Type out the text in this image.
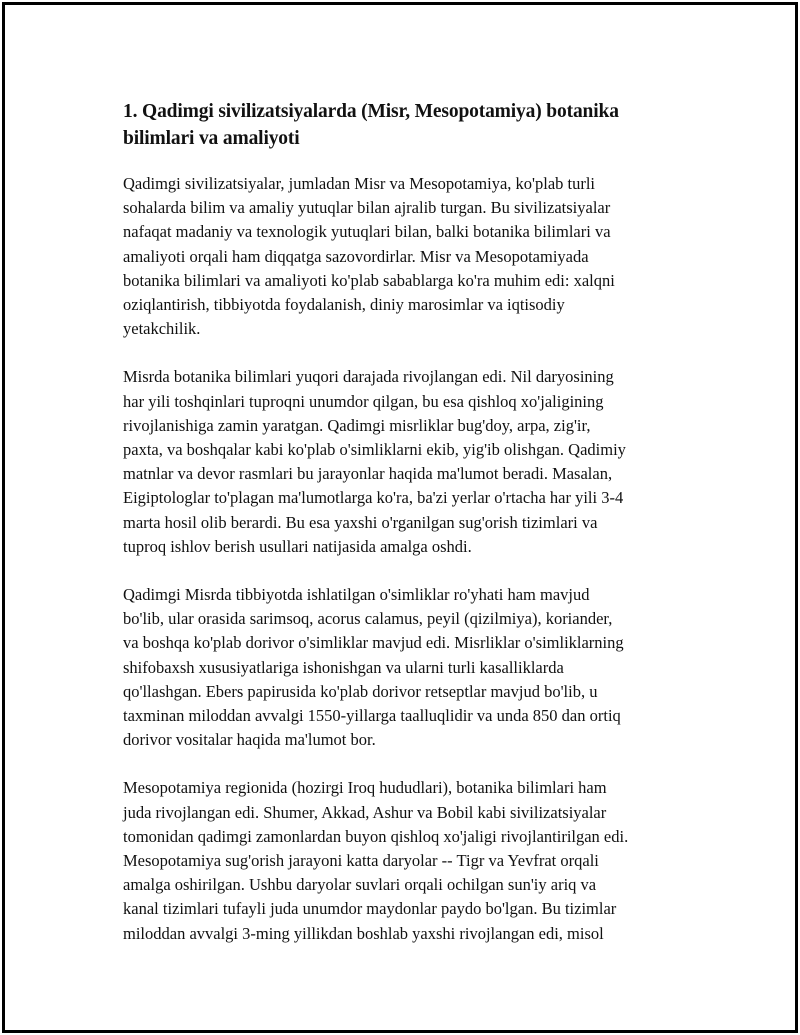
1. Qadimgi sivilizatsiyalarda (Misr, Mesopotamiya) botanika
bilimlari va amaliyoti

Qadimgi sivilizatsiyalar, jumladan Misr va Mesopotamiya, ko'plab turli
sohalarda bilim va amaliy yutuqlar bilan ajralib turgan. Bu sivilizatsiyalar
nafaqat madaniy va texnologik yutuqlari bilan, balki botanika bilimlari va
amaliyoti orqali ham diqqatga sazovordirlar. Misr va Mesopotamiyada
botanika bilimlari va amaliyoti ko'plab sabablarga ko'ra muhim edi: xalqni
oziqlantirish, tibbiyotda foydalanish, diniy marosimlar va iqtisodiy
yetakchilik.

Misrda botanika bilimlari yuqori darajada rivojlangan edi. Nil daryosining
har yili toshqinlari tuproqni unumdor qilgan, bu esa qishloq xo'jaligining
rivojlanishiga zamin yaratgan. Qadimgi misrliklar bug'doy, arpa, zig'ir,
paxta, va boshqalar kabi ko'plab o'simliklarni ekib, yig'ib olishgan. Qadimiy
matnlar va devor rasmlari bu jarayonlar haqida ma'lumot beradi. Masalan,
Eigiptologlar to'plagan ma'lumotlarga ko'ra, ba'zi yerlar o'rtacha har yili 3-4
marta hosil olib berardi. Bu esa yaxshi o'rganilgan sug'orish tizimlari va
tuproq ishlov berish usullari natijasida amalga oshdi.

Qadimgi Misrda tibbiyotda ishlatilgan o'simliklar ro'yhati ham mavjud
bo'lib, ular orasida sarimsoq, acorus calamus, peyil (qizilmiya), koriander,
va boshqa ko'plab dorivor o'simliklar mavjud edi. Misrliklar o'simliklarning
shifobaxsh xususiyatlariga ishonishgan va ularni turli kasalliklarda
qo'llashgan. Ebers papirusida ko'plab dorivor retseptlar mavjud bo'lib, u
taxminan miloddan avvalgi 1550-yillarga taalluqlidir va unda 850 dan ortiq
dorivor vositalar haqida ma'lumot bor.

Mesopotamiya regionida (hozirgi Iroq hududlari), botanika bilimlari ham
juda rivojlangan edi. Shumer, Akkad, Ashur va Bobil kabi sivilizatsiyalar
tomonidan qadimgi zamonlardan buyon qishloq xo'jaligi rivojlantirilgan edi.
Mesopotamiya sug'orish jarayoni katta daryolar -- Tigr va Yevfrat orqali
amalga oshirilgan. Ushbu daryolar suvlari orqali ochilgan sun'iy ariq va
kanal tizimlari tufayli juda unumdor maydonlar paydo bo'lgan. Bu tizimlar
miloddan avvalgi 3-ming yillikdan boshlab yaxshi rivojlangan edi, misol
